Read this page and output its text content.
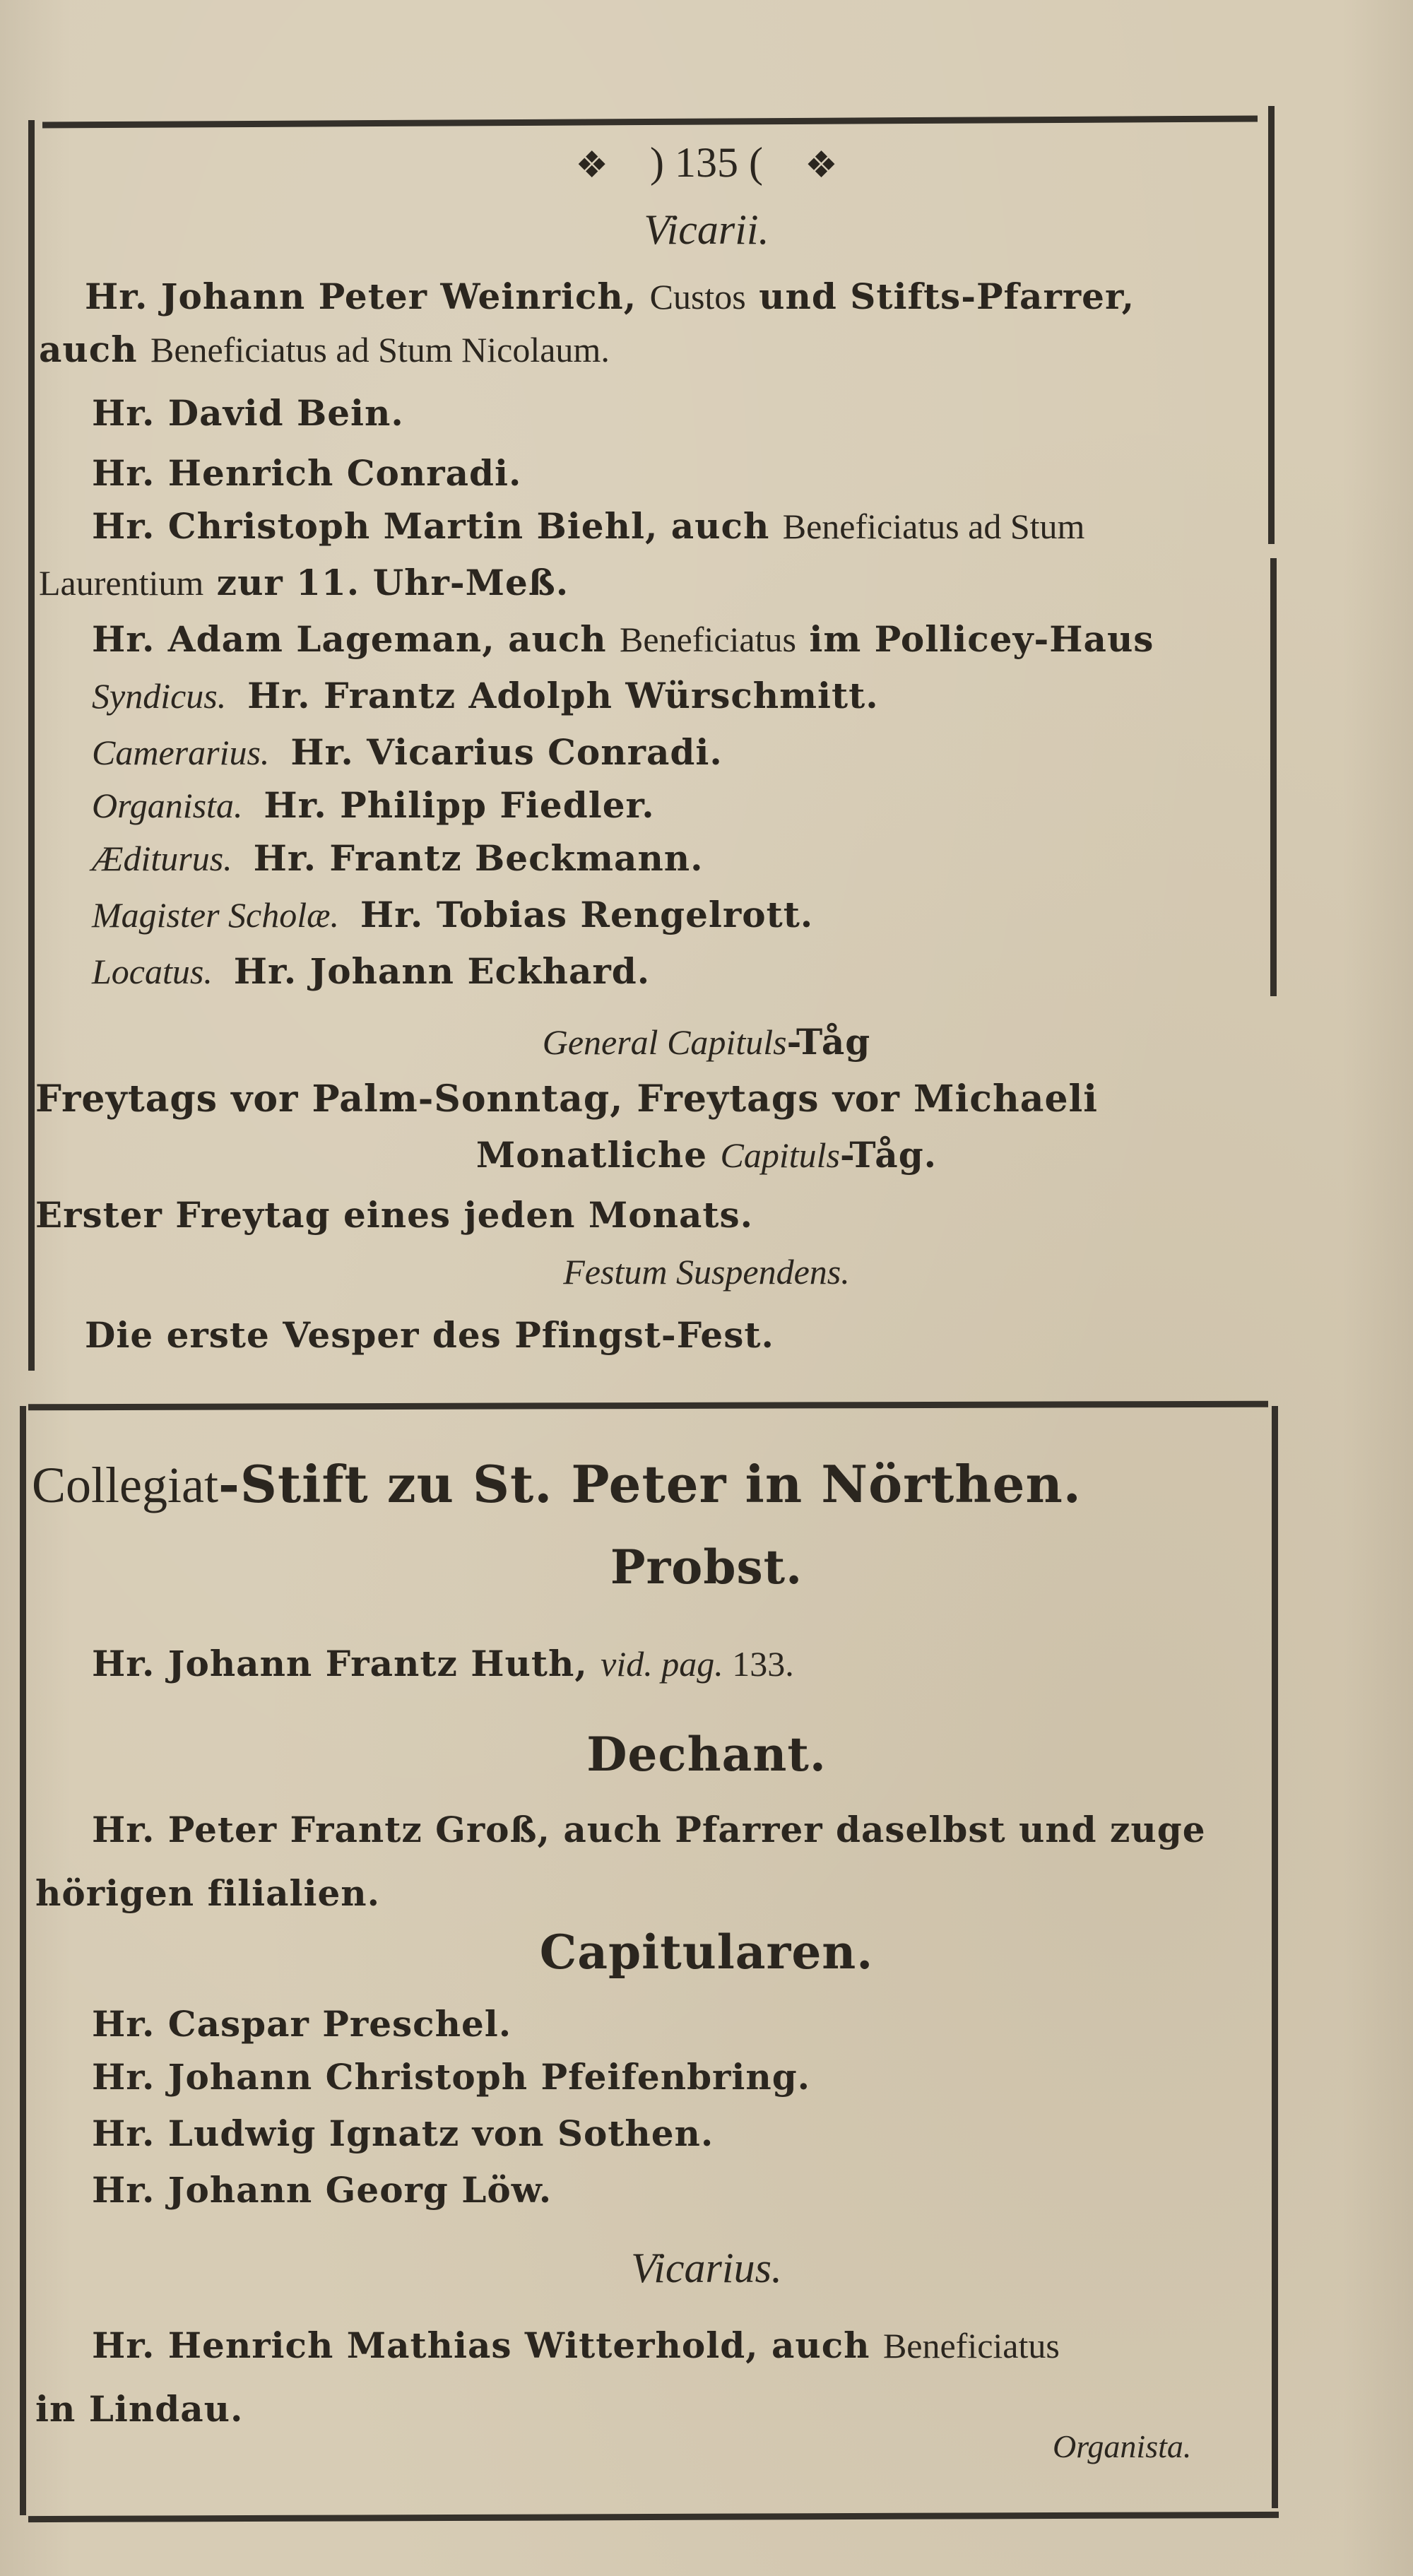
❖ ) 135 ( ❖
Vicarii.
Hr. Johann Peter Weinrich, Custos und Stifts-Pfarrer,
auch Beneficiatus ad Stum Nicolaum.
Hr. David Bein.
Hr. Henrich Conradi.
Hr. Christoph Martin Biehl, auch Beneficiatus ad Stum
Laurentium zur 11. Uhr-Meß.
Hr. Adam Lageman, auch Beneficiatus im Pollicey-Haus
Syndicus. Hr. Frantz Adolph Würschmitt.
Camerarius. Hr. Vicarius Conradi.
Organista. Hr. Philipp Fiedler.
Æditurus. Hr. Frantz Beckmann.
Magister Scholæ. Hr. Tobias Rengelrott.
Locatus. Hr. Johann Eckhard.
General Capituls-Tåg
Freytags vor Palm-Sonntag, Freytags vor Michaeli
Monatliche Capituls-Tåg.
Erster Freytag eines jeden Monats.
Festum Suspendens.
Die erste Vesper des Pfingst-Fest.
Collegiat-Stift zu St. Peter in Nörthen.
Probst.
Hr. Johann Frantz Huth, vid. pag. 133.
Dechant.
Hr. Peter Frantz Groß, auch Pfarrer daselbst und zuge
hörigen filialien.
Capitularen.
Hr. Caspar Preschel.
Hr. Johann Christoph Pfeifenbring.
Hr. Ludwig Ignatz von Sothen.
Hr. Johann Georg Löw.
Vicarius.
Hr. Henrich Mathias Witterhold, auch Beneficiatus
in Lindau.
Organista.
